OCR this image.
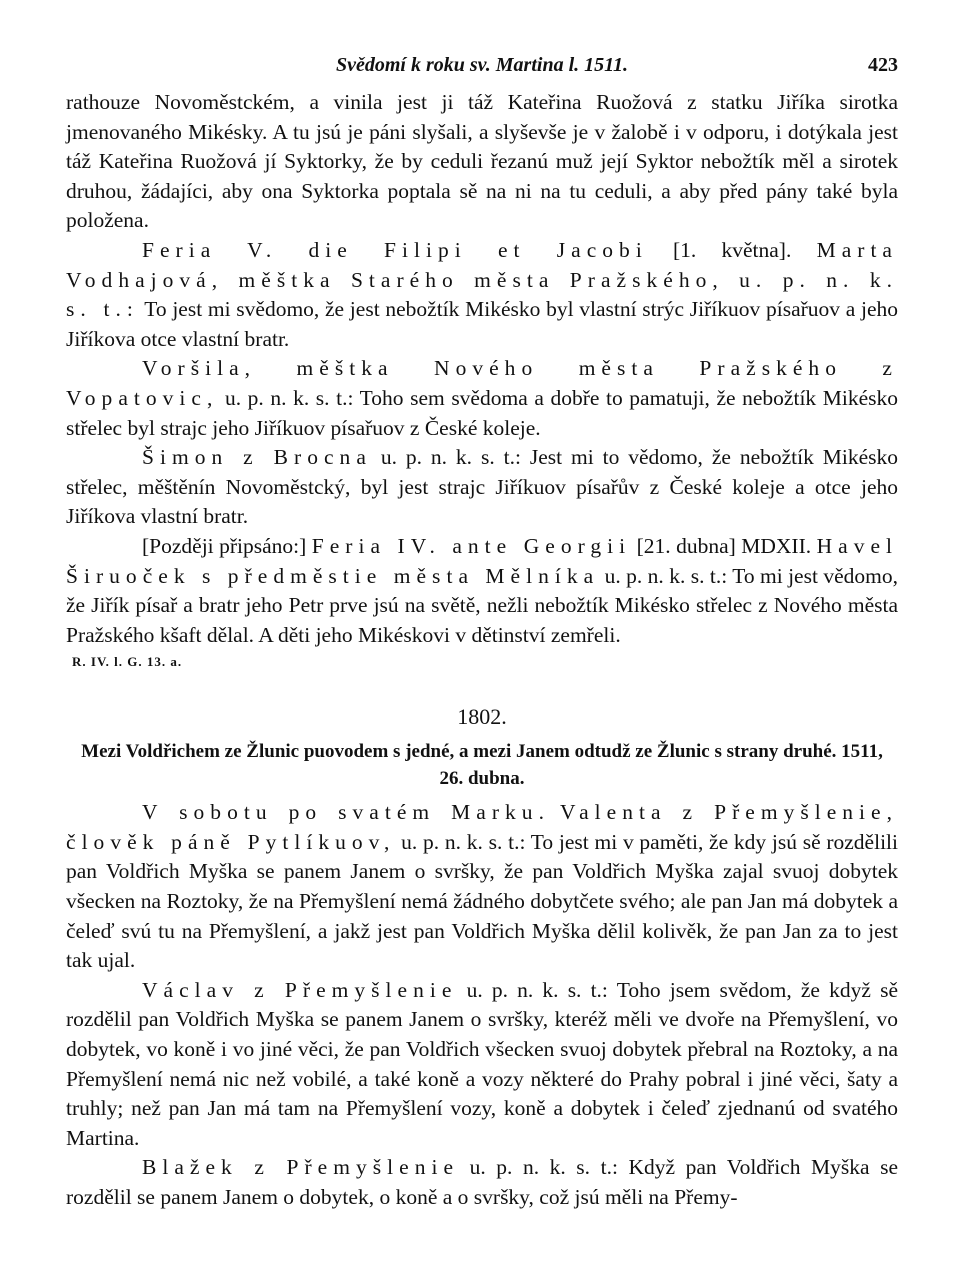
Svědomí k roku sv. Martina l. 1511.	423

rathouze Novoměstckém, a vinila jest ji táž Kateřina Ruožová z statku Jiříka sirotka jmenovaného Mikésky. A tu jsú je páni slyšali, a slyševše je v žalobě i v odporu, i dotýkala jest táž Kateřina Ruožová jí Syktorky, že by ceduli řezanú muž její Syktor nebožtík měl a sirotek druhou, žádajíci, aby ona Syktorka poptala sě na ni na tu ceduli, a aby před pány také byla položena.

Feria V. die Filipi et Jacobi [1. května]. Marta Vodhajová, měštka Starého města Pražského, u. p. n. k. s. t.: To jest mi svědomo, že jest nebožtík Mikésko byl vlastní strýc Jiříkuov písařuov a jeho Jiříkova otce vlastní bratr.

Voršila, měštka Nového města Pražského z Vopatovic, u. p. n. k. s. t.: Toho sem svědoma a dobře to pamatuji, že nebožtík Mikésko střelec byl strajc jeho Jiříkuov písařuov z České koleje.

Šimon z Brocna u. p. n. k. s. t.: Jest mi to vědomo, že nebožtík Mikésko střelec, měštěnín Novoměstcký, byl jest strajc Jiříkuov písařův z České koleje a otce jeho Jiříkova vlastní bratr.

[Později připsáno:] Feria IV. ante Georgii [21. dubna] MDXII. Havel Širuoček s předměstie města Mělníka u. p. n. k. s. t.: To mi jest vědomo, že Jiřík písař a bratr jeho Petr prve jsú na světě, nežli nebožtík Mikésko střelec z Nového města Pražského kšaft dělal. A děti jeho Mikéskovi v dětinství zemřeli.

R. IV. l. G. 13. a.
1802.
Mezi Voldřichem ze Žlunic puovodem s jedné, a mezi Janem odtudž ze Žlunic s strany druhé. 1511, 26. dubna.

V sobotu po svatém Marku. Valenta z Přemyšlenie, člověk páně Pytlíkuov, u. p. n. k. s. t.: To jest mi v paměti, že kdy jsú sě rozdělili pan Voldřich Myška se panem Janem o svršky, že pan Voldřich Myška zajal svuoj dobytek všecken na Roztoky, že na Přemyšlení nemá žádného dobytčete svého; ale pan Jan má dobytek a čeleď svú tu na Přemyšlení, a jakž jest pan Voldřich Myška dělil kolivěk, že pan Jan za to jest tak ujal.

Václav z Přemyšlenie u. p. n. k. s. t.: Toho jsem svědom, že když sě rozdělil pan Voldřich Myška se panem Janem o svršky, kteréž měli ve dvoře na Přemyšlení, vo dobytek, vo koně i vo jiné věci, že pan Voldřich všecken svuoj dobytek přebral na Roztoky, a na Přemyšlení nemá nic než vobilé, a také koně a vozy některé do Prahy pobral i jiné věci, šaty a truhly; než pan Jan má tam na Přemyšlení vozy, koně a dobytek i čeleď zjednanú od svatého Martina.

Blažek z Přemyšlenie u. p. n. k. s. t.: Když pan Voldřich Myška se rozdělil se panem Janem o dobytek, o koně a o svršky, což jsú měli na Přemy-
